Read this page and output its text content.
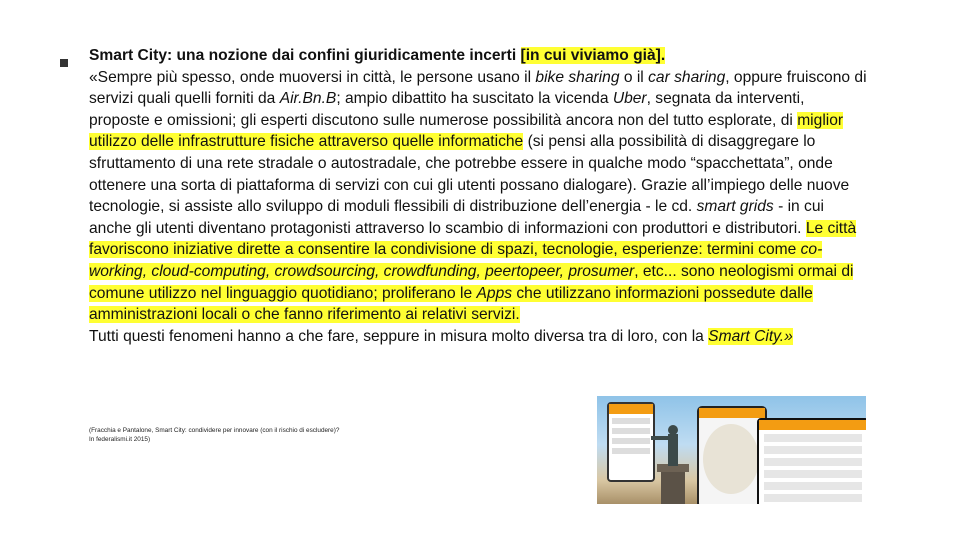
Smart City: una nozione dai confini giuridicamente incerti [in cui viviamo già].

«Sempre più spesso, onde muoversi in città, le persone usano il bike sharing o il car sharing, oppure fruiscono di servizi quali quelli forniti da Air.Bn.B; ampio dibattito ha suscitato la vicenda Uber, segnata da interventi, proposte e omissioni; gli esperti discutono sulle numerose possibilità ancora non del tutto esplorate, di miglior utilizzo delle infrastrutture fisiche attraverso quelle informatiche (si pensi alla possibilità di disaggregare lo sfruttamento di una rete stradale o autostradale, che potrebbe essere in qualche modo “spacchettata”, onde ottenere una sorta di piattaforma di servizi con cui gli utenti possano dialogare). Grazie all’impiego delle nuove tecnologie, si assiste allo sviluppo di moduli flessibili di distribuzione dell’energia - le cd. smart grids - in cui anche gli utenti diventano protagonisti attraverso lo scambio di informazioni con produttori e distributori. Le città favoriscono iniziative dirette a consentire la condivisione di spazi, tecnologie, esperienze: termini come co-working, cloud-computing, crowdsourcing, crowdfunding, peertopeer, prosumer, etc... sono neologismi ormai di comune utilizzo nel linguaggio quotidiano; proliferano le Apps che utilizzano informazioni possedute dalle amministrazioni locali o che fanno riferimento ai relativi servizi.

Tutti questi fenomeni hanno a che fare, seppure in misura molto diversa tra di loro, con la Smart City.»

(Fracchia e Pantalone, Smart City: condividere per innovare (con il rischio di escludere)?
In federalismi.it 2015)
